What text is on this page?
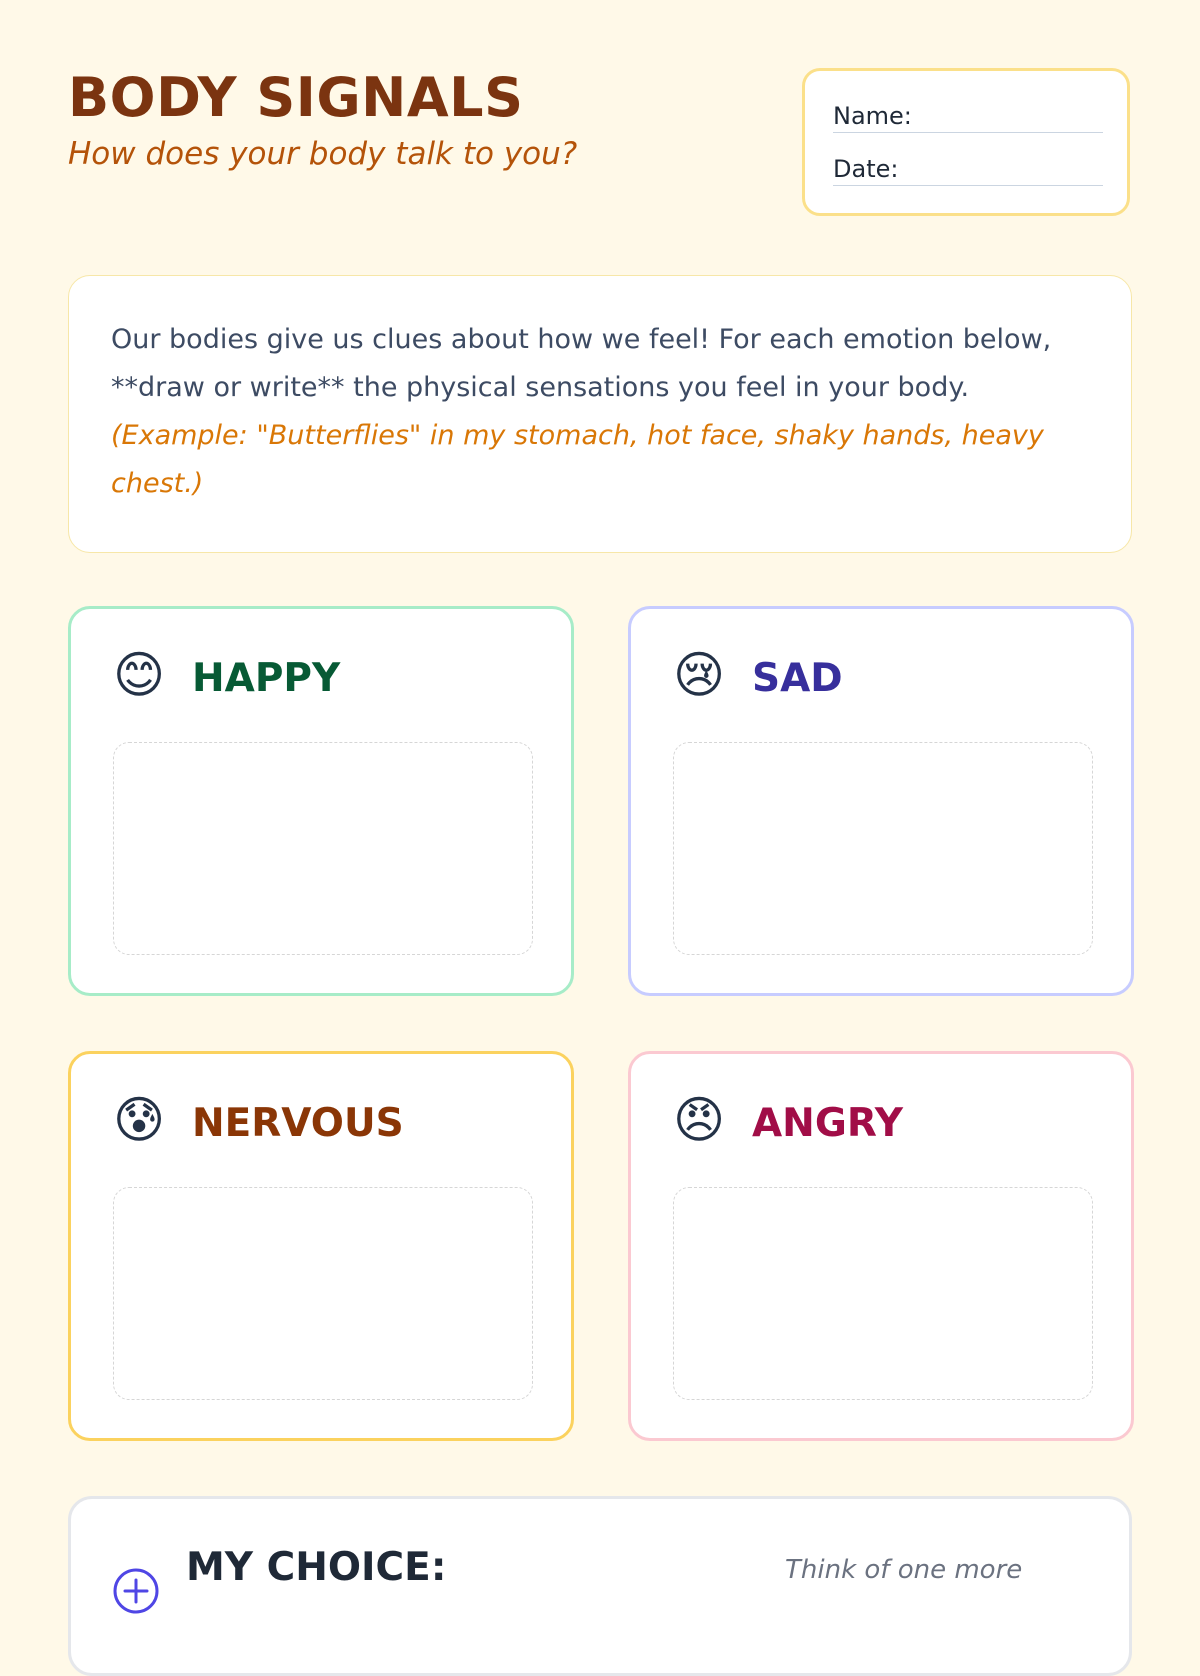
BODY SIGNALS

How does your body talk to you?

Name:
Date:

Our bodies give us clues about how we feel! For each emotion below, **draw or write** the physical sensations you feel in your body.

(Example: "Butterflies" in my stomach, hot face, shaky hands, heavy chest.)

😊 HAPPY	😢 SAD
😰 NERVOUS	😠 ANGRY
MY CHOICE:	Think of one more
